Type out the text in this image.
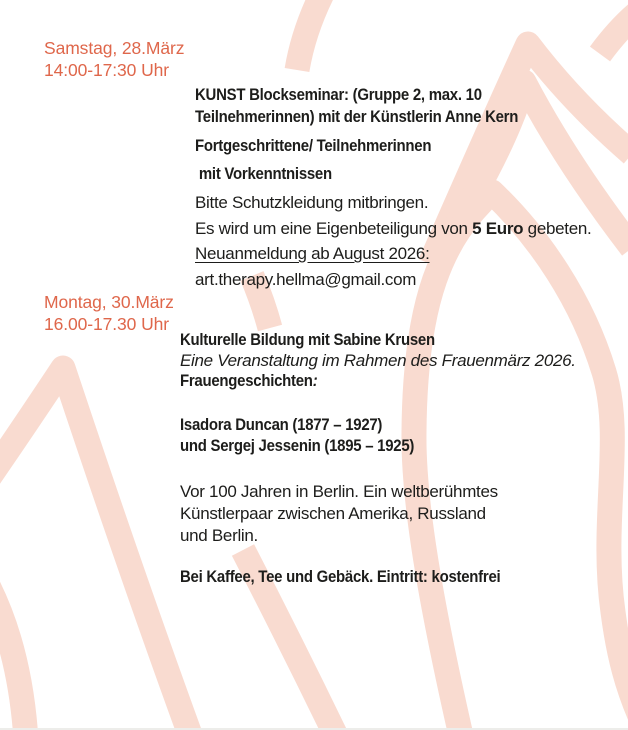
Samstag, 28.März
14:00-17:30 Uhr
KUNST Blockseminar: (Gruppe 2, max. 10
Teilnehmerinnen) mit der Künstlerin Anne Kern
Fortgeschrittene/ Teilnehmerinnen
mit Vorkenntnissen
Bitte Schutzkleidung mitbringen.
Es wird um eine Eigenbeteiligung von 5 Euro gebeten.
Neuanmeldung ab August 2026:
art.therapy.hellma@gmail.com
Montag, 30.März
16.00-17.30 Uhr
Kulturelle Bildung mit Sabine Krusen
Eine Veranstaltung im Rahmen des Frauenmärz 2026.
Frauengeschichten:
Isadora Duncan (1877 – 1927)
und Sergej Jessenin (1895 – 1925)
Vor 100 Jahren in Berlin. Ein weltberühmtes
Künstlerpaar zwischen Amerika, Russland
und Berlin.
Bei Kaffee, Tee und Gebäck. Eintritt: kostenfrei
